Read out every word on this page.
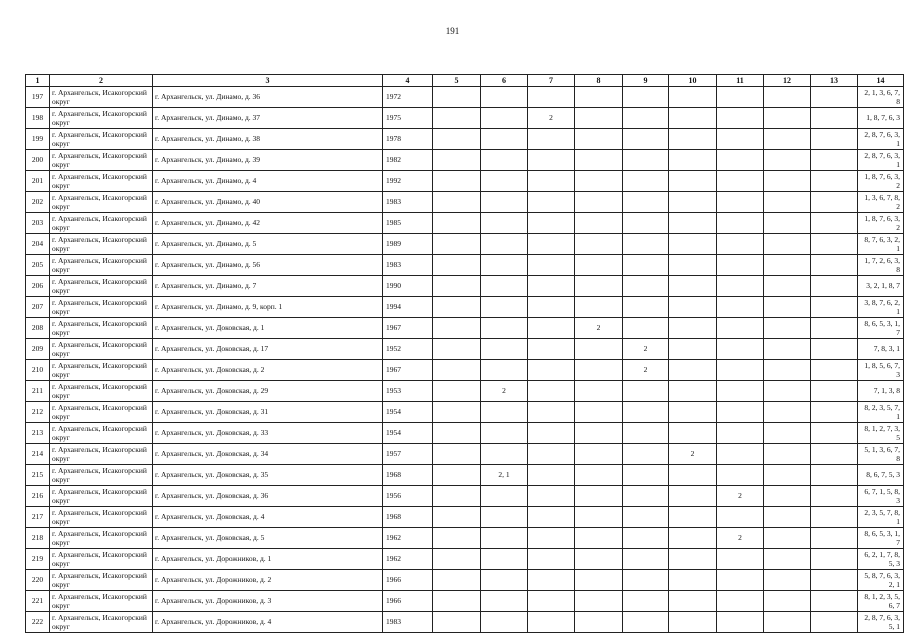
191
1	2	3	4	5	6	7	8	9	10	11	12	13	14
197	г. Архангельск, Исакогорский округ	г. Архангельск, ул. Динамо, д. 36	1972										2, 1, 3, 6, 7, 8
198	г. Архангельск, Исакогорский округ	г. Архангельск, ул. Динамо, д. 37	1975			2							1, 8, 7, 6, 3
199	г. Архангельск, Исакогорский округ	г. Архангельск, ул. Динамо, д. 38	1978										2, 8, 7, 6, 3, 1
200	г. Архангельск, Исакогорский округ	г. Архангельск, ул. Динамо, д. 39	1982										2, 8, 7, 6, 3, 1
201	г. Архангельск, Исакогорский округ	г. Архангельск, ул. Динамо, д. 4	1992										1, 8, 7, 6, 3, 2
202	г. Архангельск, Исакогорский округ	г. Архангельск, ул. Динамо, д. 40	1983										1, 3, 6, 7, 8, 2
203	г. Архангельск, Исакогорский округ	г. Архангельск, ул. Динамо, д. 42	1985										1, 8, 7, 6, 3, 2
204	г. Архангельск, Исакогорский округ	г. Архангельск, ул. Динамо, д. 5	1989										8, 7, 6, 3, 2, 1
205	г. Архангельск, Исакогорский округ	г. Архангельск, ул. Динамо, д. 56	1983										1, 7, 2, 6, 3, 8
206	г. Архангельск, Исакогорский округ	г. Архангельск, ул. Динамо, д. 7	1990										3, 2, 1, 8, 7
207	г. Архангельск, Исакогорский округ	г. Архангельск, ул. Динамо, д. 9, корп. 1	1994										3, 8, 7, 6, 2, 1
208	г. Архангельск, Исакогорский округ	г. Архангельск, ул. Доковская, д. 1	1967				2						8, 6, 5, 3, 1, 7
209	г. Архангельск, Исакогорский округ	г. Архангельск, ул. Доковская, д. 17	1952					2					7, 8, 3, 1
210	г. Архангельск, Исакогорский округ	г. Архангельск, ул. Доковская, д. 2	1967					2					1, 8, 5, 6, 7, 3
211	г. Архангельск, Исакогорский округ	г. Архангельск, ул. Доковская, д. 29	1953		2								7, 1, 3, 8
212	г. Архангельск, Исакогорский округ	г. Архангельск, ул. Доковская, д. 31	1954										8, 2, 3, 5, 7, 1
213	г. Архангельск, Исакогорский округ	г. Архангельск, ул. Доковская, д. 33	1954										8, 1, 2, 7, 3, 5
214	г. Архангельск, Исакогорский округ	г. Архангельск, ул. Доковская, д. 34	1957						2				5, 1, 3, 6, 7, 8
215	г. Архангельск, Исакогорский округ	г. Архангельск, ул. Доковская, д. 35	1968		2, 1								8, 6, 7, 5, 3
216	г. Архангельск, Исакогорский округ	г. Архангельск, ул. Доковская, д. 36	1956							2			6, 7, 1, 5, 8, 3
217	г. Архангельск, Исакогорский округ	г. Архангельск, ул. Доковская, д. 4	1968										2, 3, 5, 7, 8, 1
218	г. Архангельск, Исакогорский округ	г. Архангельск, ул. Доковская, д. 5	1962							2			8, 6, 5, 3, 1, 7
219	г. Архангельск, Исакогорский округ	г. Архангельск, ул. Дорожников, д. 1	1962										6, 2, 1, 7, 8, 5, 3
220	г. Архангельск, Исакогорский округ	г. Архангельск, ул. Дорожников, д. 2	1966										5, 8, 7, 6, 3, 2, 1
221	г. Архангельск, Исакогорский округ	г. Архангельск, ул. Дорожников, д. 3	1966										8, 1, 2, 3, 5, 6, 7
222	г. Архангельск, Исакогорский округ	г. Архангельск, ул. Дорожников, д. 4	1983										2, 8, 7, 6, 3, 5, 1
